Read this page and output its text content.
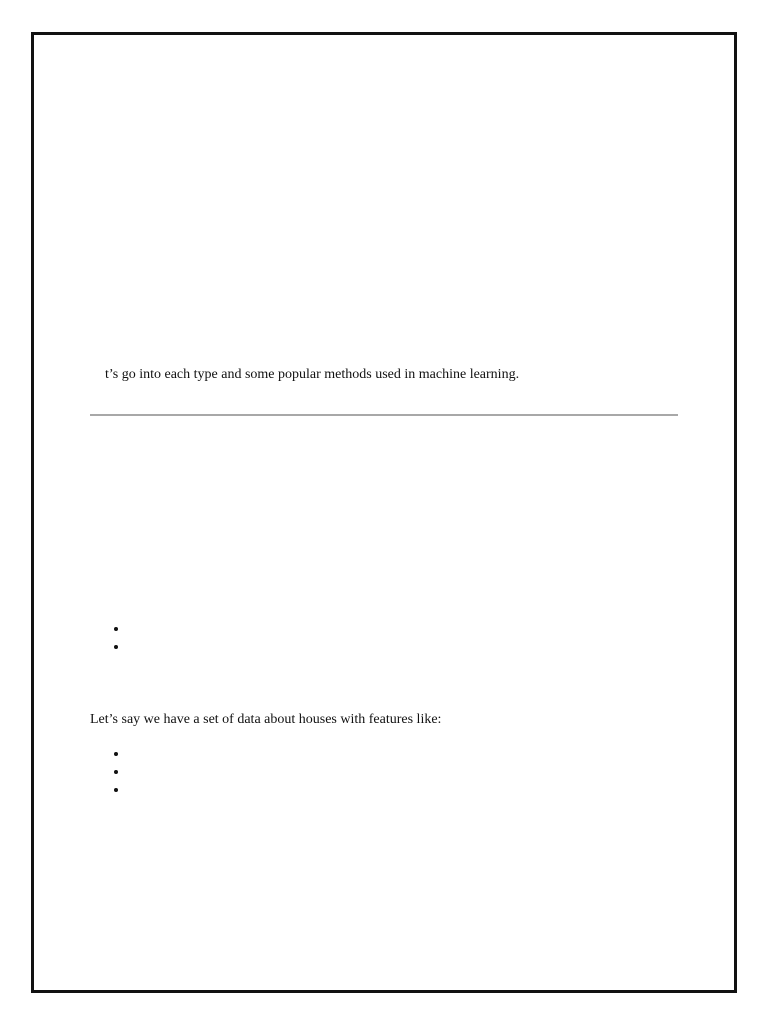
t’s go into each type and some popular methods used in machine learning.
Let’s say we have a set of data about houses with features like:
